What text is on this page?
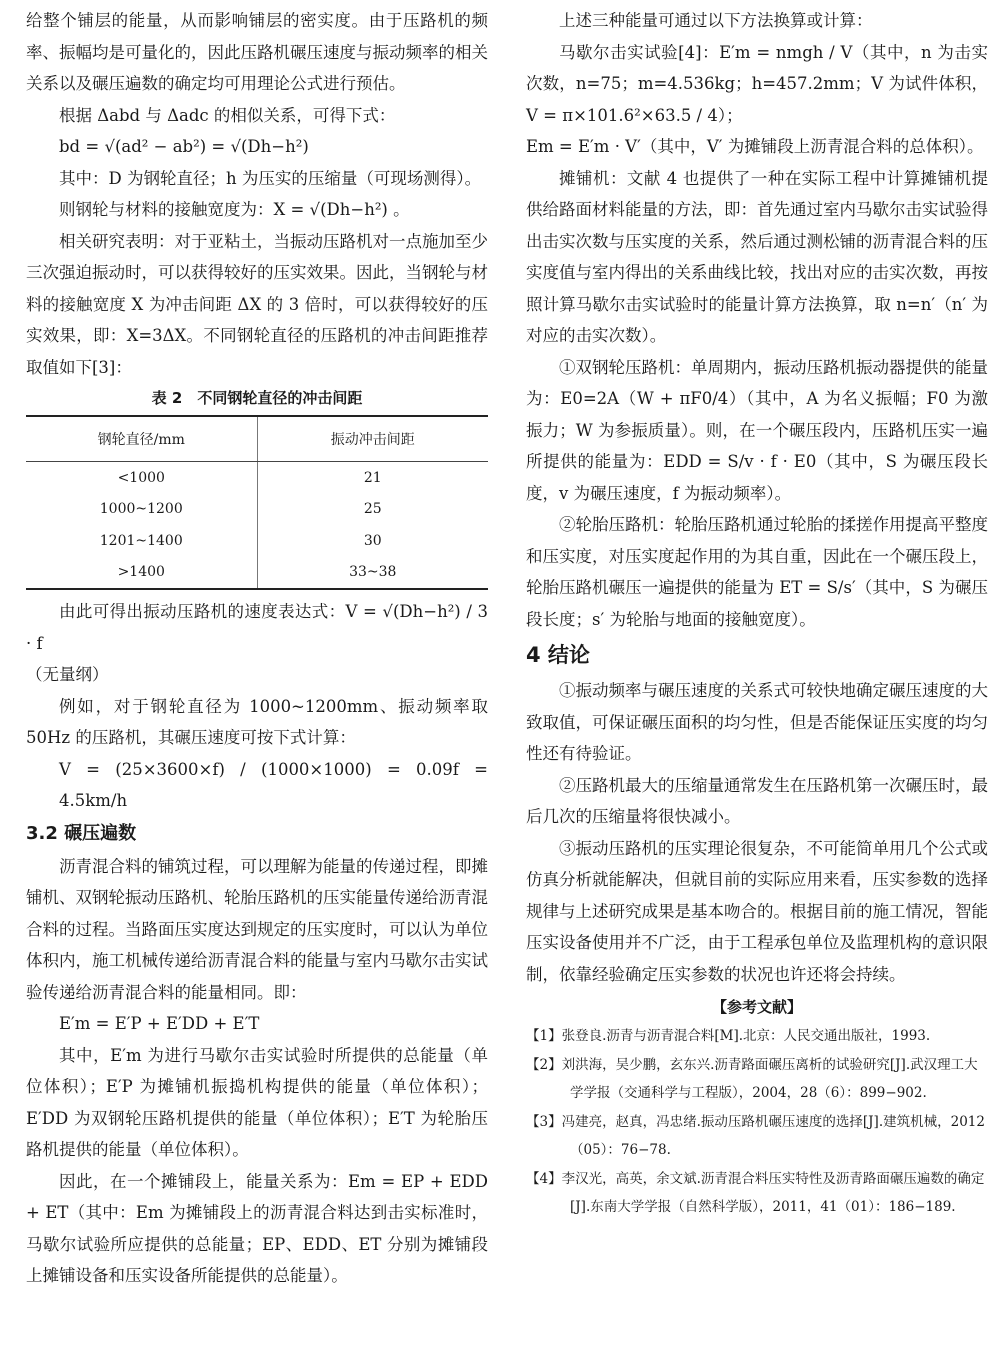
给整个铺层的能量，从而影响铺层的密实度。由于压路机的频率、振幅均是可量化的，因此压路机碾压速度与振动频率的相关关系以及碾压遍数的确定均可用理论公式进行预估。

根据 Δabd 与 Δadc 的相似关系，可得下式：

bd = √(ad² − ab²) = √(Dh−h²)

其中：D 为钢轮直径；h 为压实的压缩量（可现场测得）。

则钢轮与材料的接触宽度为：X = √(Dh−h²) 。

相关研究表明：对于亚粘土，当振动压路机对一点施加至少三次强迫振动时，可以获得较好的压实效果。因此，当钢轮与材料的接触宽度 X 为冲击间距 ΔX 的 3 倍时，可以获得较好的压实效果，即：X=3ΔX。不同钢轮直径的压路机的冲击间距推荐取值如下[3]：

表 2　不同钢轮直径的冲击间距
钢轮直径/mm	振动冲击间距
<1000	21
1000~1200	25
1201~1400	30
>1400	33~38

由此可得出振动压路机的速度表达式：V = √(Dh−h²) / 3 · f

（无量纲）

例如，对于钢轮直径为 1000~1200mm、振动频率取 50Hz 的压路机，其碾压速度可按下式计算：

V = (25×3600×f) / (1000×1000) = 0.09f = 4.5km/h

3.2 碾压遍数

沥青混合料的铺筑过程，可以理解为能量的传递过程，即摊铺机、双钢轮振动压路机、轮胎压路机的压实能量传递给沥青混合料的过程。当路面压实度达到规定的压实度时，可以认为单位体积内，施工机械传递给沥青混合料的能量与室内马歇尔击实试验传递给沥青混合料的能量相同。即：

E′m = E′P + E′DD + E′T

其中，E′m 为进行马歇尔击实试验时所提供的总能量（单位体积）；E′P 为摊铺机振捣机构提供的能量（单位体积）；E′DD 为双钢轮压路机提供的能量（单位体积）；E′T 为轮胎压路机提供的能量（单位体积）。

因此，在一个摊铺段上，能量关系为：Em = EP + EDD + ET（其中：Em 为摊铺段上的沥青混合料达到击实标准时，马歇尔试验所应提供的总能量；EP、EDD、ET 分别为摊铺段上摊铺设备和压实设备所能提供的总能量）。

上述三种能量可通过以下方法换算或计算：

马歇尔击实试验[4]：E′m = nmgh / V（其中，n 为击实次数，n=75；m=4.536kg；h=457.2mm；V 为试件体积，V = π×101.6²×63.5 / 4）；

Em = E′m · V′（其中，V′ 为摊铺段上沥青混合料的总体积）。

摊铺机：文献 4 也提供了一种在实际工程中计算摊铺机提供给路面材料能量的方法，即：首先通过室内马歇尔击实试验得出击实次数与压实度的关系，然后通过测松铺的沥青混合料的压实度值与室内得出的关系曲线比较，找出对应的击实次数，再按照计算马歇尔击实试验时的能量计算方法换算，取 n=n′（n′ 为对应的击实次数）。

①双钢轮压路机：单周期内，振动压路机振动器提供的能量为：E0=2A（W + πF0/4）（其中，A 为名义振幅；F0 为激振力；W 为参振质量）。则，在一个碾压段内，压路机压实一遍所提供的能量为：EDD = S/v · f · E0（其中，S 为碾压段长度，v 为碾压速度，f 为振动频率）。

②轮胎压路机：轮胎压路机通过轮胎的揉搓作用提高平整度和压实度，对压实度起作用的为其自重，因此在一个碾压段上，轮胎压路机碾压一遍提供的能量为 ET = S/s′（其中，S 为碾压段长度；s′ 为轮胎与地面的接触宽度）。

4 结论

①振动频率与碾压速度的关系式可较快地确定碾压速度的大致取值，可保证碾压面积的均匀性，但是否能保证压实度的均匀性还有待验证。

②压路机最大的压缩量通常发生在压路机第一次碾压时，最后几次的压缩量将很快减小。

③振动压路机的压实理论很复杂，不可能简单用几个公式或仿真分析就能解决，但就目前的实际应用来看，压实参数的选择规律与上述研究成果是基本吻合的。根据目前的施工情况，智能压实设备使用并不广泛，由于工程承包单位及监理机构的意识限制，依靠经验确定压实参数的状况也许还将会持续。

【参考文献】

【1】张登良.沥青与沥青混合料[M].北京：人民交通出版社，1993.

【2】刘洪海，吴少鹏，玄东兴.沥青路面碾压离析的试验研究[J].武汉理工大学学报（交通科学与工程版），2004，28（6）：899−902.

【3】冯建亮，赵真，冯忠绪.振动压路机碾压速度的选择[J].建筑机械，2012（05）：76−78.

【4】李汉光，高英，余文斌.沥青混合料压实特性及沥青路面碾压遍数的确定[J].东南大学学报（自然科学版），2011，41（01）：186−189.
